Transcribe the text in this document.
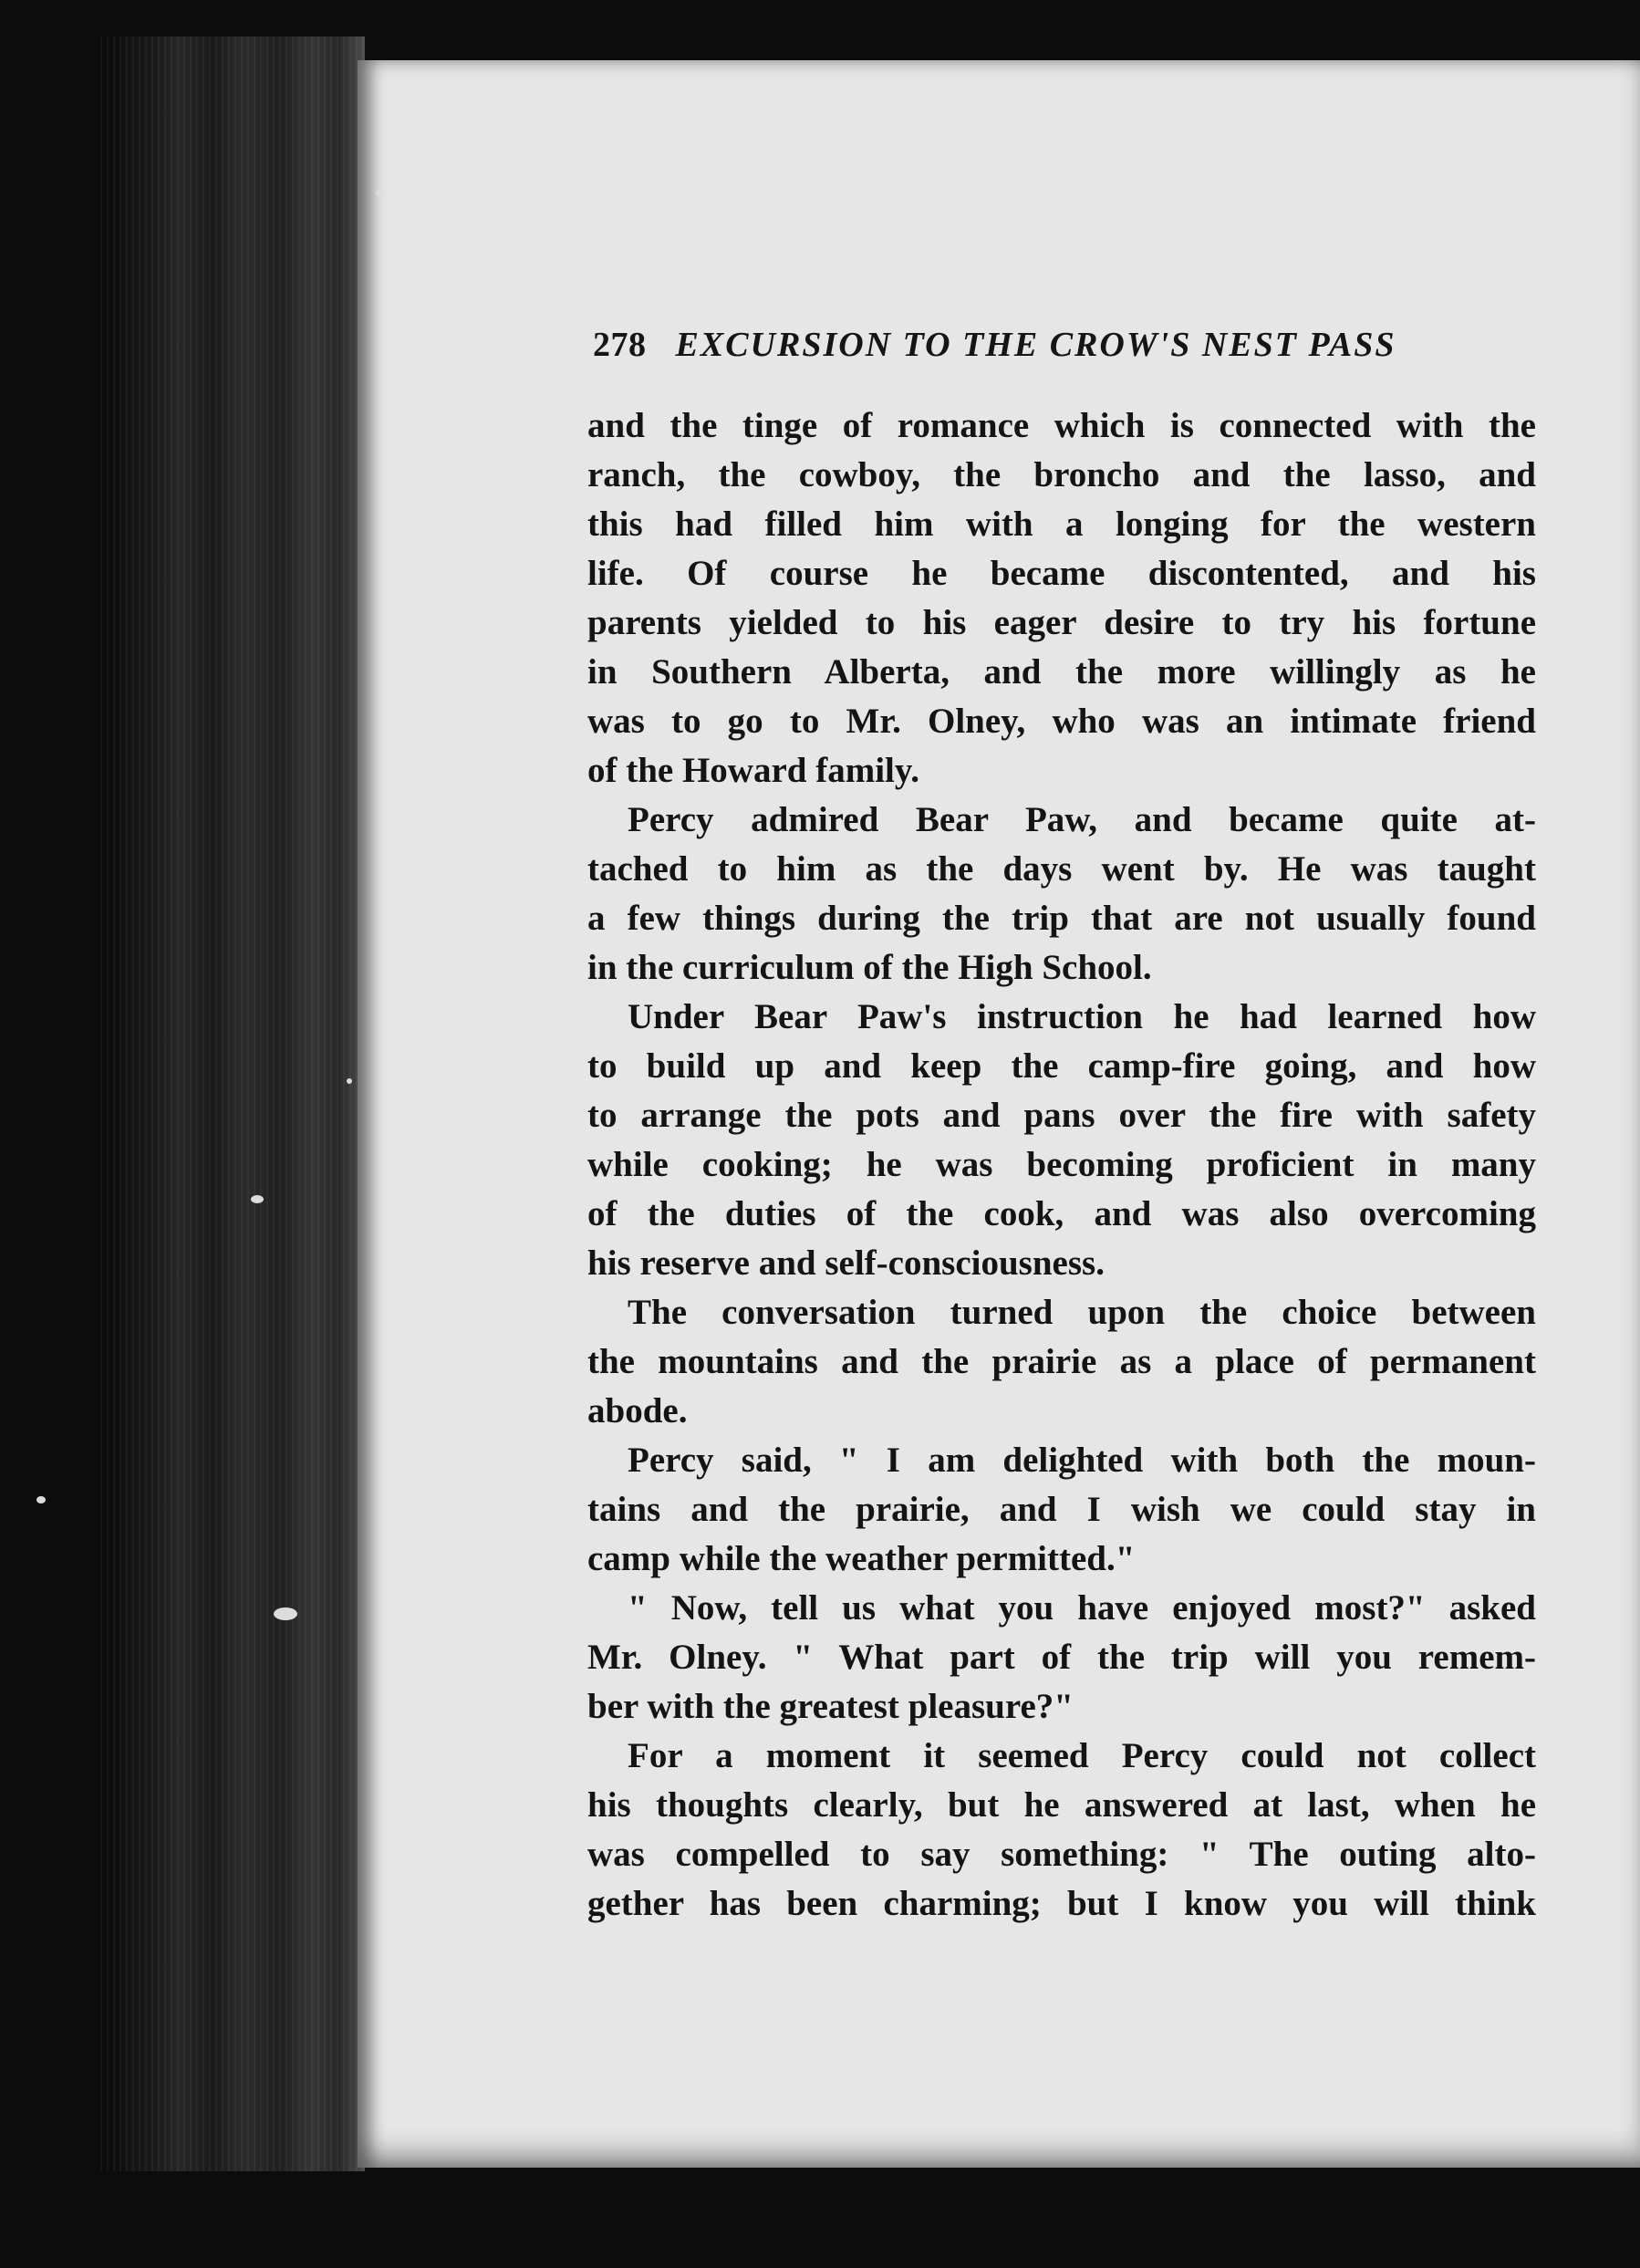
278 EXCURSION TO THE CROW'S NEST PASS
and the tinge of romance which is connected with the
ranch, the cowboy, the broncho and the lasso, and
this had filled him with a longing for the western
life. Of course he became discontented, and his
parents yielded to his eager desire to try his fortune
in Southern Alberta, and the more willingly as he
was to go to Mr. Olney, who was an intimate friend
of the Howard family.
Percy admired Bear Paw, and became quite at-
tached to him as the days went by. He was taught
a few things during the trip that are not usually found
in the curriculum of the High School.
Under Bear Paw's instruction he had learned how
to build up and keep the camp-fire going, and how
to arrange the pots and pans over the fire with safety
while cooking; he was becoming proficient in many
of the duties of the cook, and was also overcoming
his reserve and self-consciousness.
The conversation turned upon the choice between
the mountains and the prairie as a place of permanent
abode.
Percy said, " I am delighted with both the moun-
tains and the prairie, and I wish we could stay in
camp while the weather permitted."
" Now, tell us what you have enjoyed most?" asked
Mr. Olney. " What part of the trip will you remem-
ber with the greatest pleasure?"
For a moment it seemed Percy could not collect
his thoughts clearly, but he answered at last, when he
was compelled to say something: " The outing alto-
gether has been charming; but I know you will think
